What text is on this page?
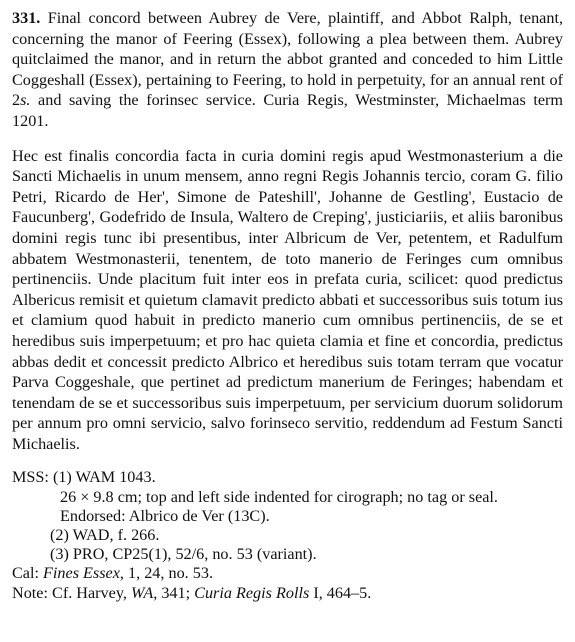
331. Final concord between Aubrey de Vere, plaintiff, and Abbot Ralph, tenant, concerning the manor of Feering (Essex), following a plea between them. Aubrey quitclaimed the manor, and in return the abbot granted and conceded to him Little Coggeshall (Essex), pertaining to Feering, to hold in perpetuity, for an annual rent of 2s. and saving the forinsec service. Curia Regis, Westminster, Michaelmas term 1201.

Hec est finalis concordia facta in curia domini regis apud Westmonasterium a die Sancti Michaelis in unum mensem, anno regni Regis Johannis tercio, coram G. filio Petri, Ricardo de Her', Simone de Pateshill', Johanne de Gestling', Eustacio de Faucunberg', Godefrido de Insula, Waltero de Creping', justiciariis, et aliis baronibus domini regis tunc ibi presentibus, inter Albricum de Ver, petentem, et Radulfum abbatem Westmonasterii, tenentem, de toto manerio de Feringes cum omnibus pertinenciis. Unde placitum fuit inter eos in prefata curia, scilicet: quod predictus Albericus remisit et quietum clamavit predicto abbati et successoribus suis totum ius et clamium quod habuit in predicto manerio cum omnibus pertinenciis, de se et heredibus suis imperpetuum; et pro hac quieta clamia et fine et concordia, predictus abbas dedit et concessit predicto Albrico et heredibus suis totam terram que vocatur Parva Coggeshale, que pertinet ad predictum manerium de Feringes; habendam et tenendam de se et successoribus suis imperpetuum, per servicium duorum solidorum per annum pro omni servicio, salvo forinseco servitio, reddendum ad Festum Sancti Michaelis.

MSS: (1) WAM 1043.
26 × 9.8 cm; top and left side indented for cirograph; no tag or seal.
Endorsed: Albrico de Ver (13C).
(2) WAD, f. 266.
(3) PRO, CP25(1), 52/6, no. 53 (variant).
Cal: Fines Essex, 1, 24, no. 53.
Note: Cf. Harvey, WA, 341; Curia Regis Rolls I, 464–5.
